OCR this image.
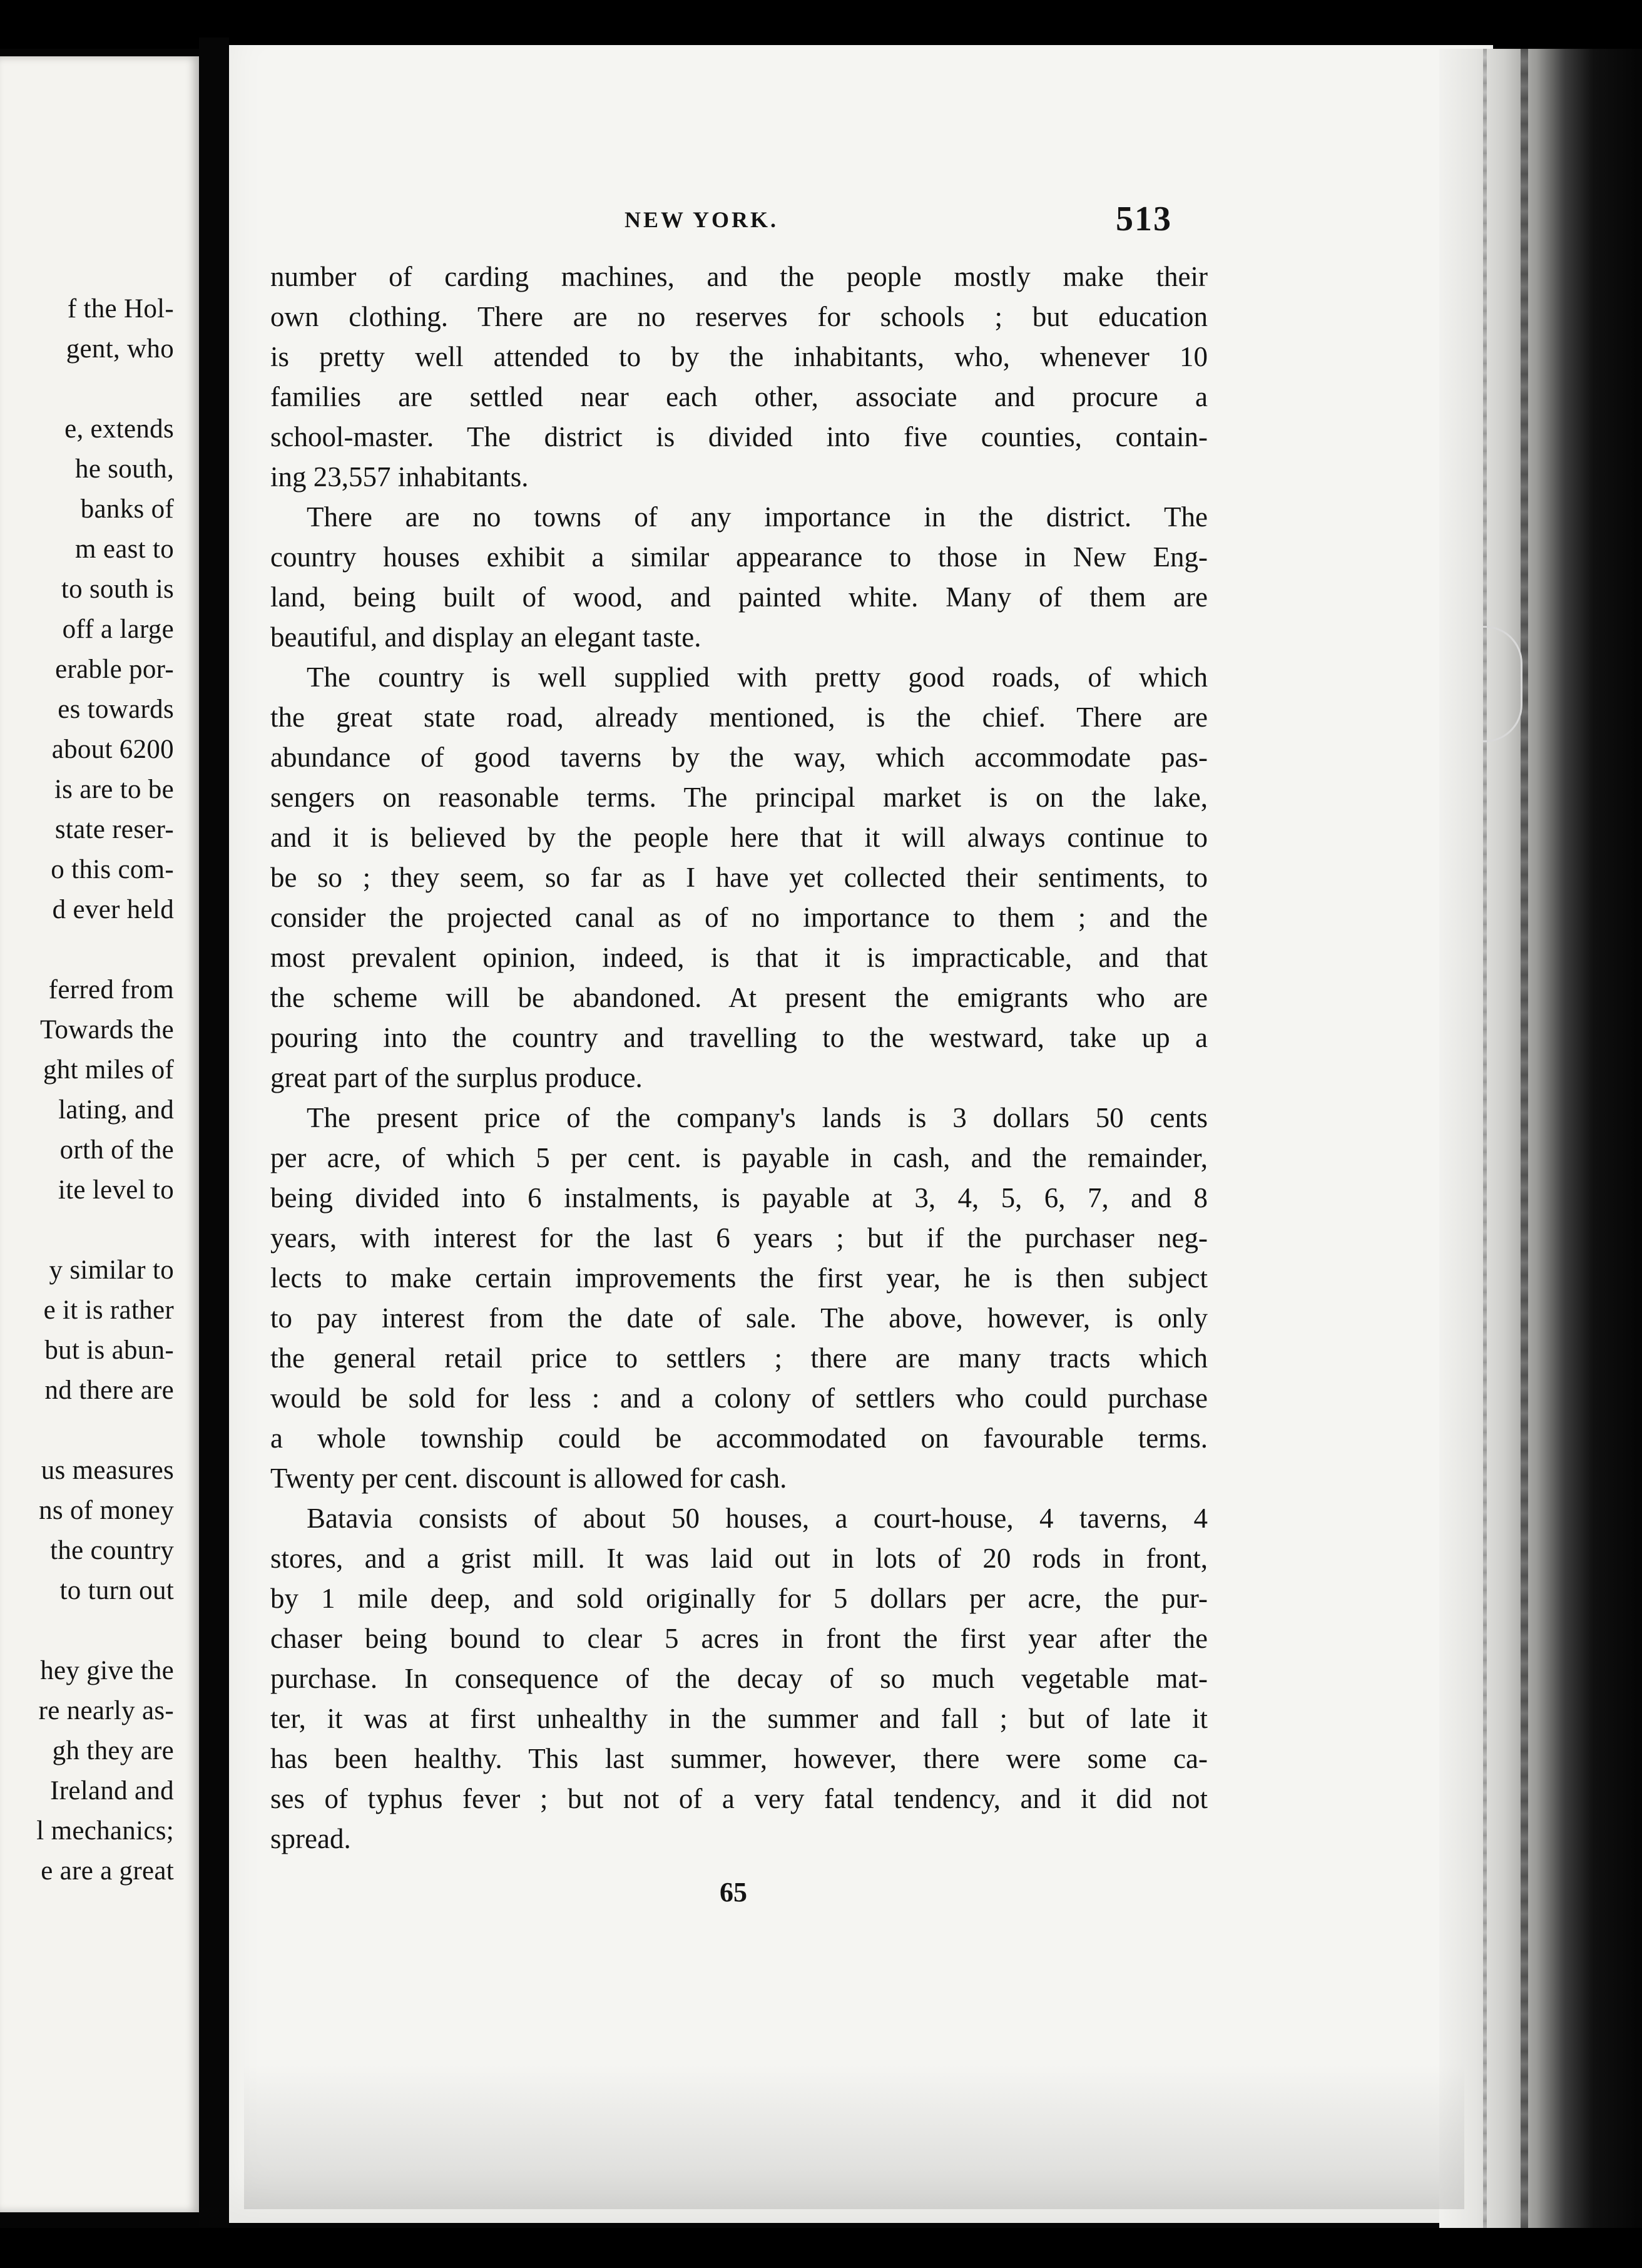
f the Hol-
gent, who
e, extends
he south,
banks of
m east to
to south is
off a large
erable por-
es towards
about 6200
is are to be
state reser-
o this com-
d ever held
ferred from
Towards the
ght miles of
lating, and
orth of the
ite level to
y similar to
e it is rather
but is abun-
nd there are
us measures
ns of money
the country
to turn out
hey give the
re nearly as-
gh they are
Ireland and
l mechanics;
e are a great
NEW YORK.	513
number of carding machines, and the people mostly make their
own clothing. There are no reserves for schools ; but education
is pretty well attended to by the inhabitants, who, whenever 10
families are settled near each other, associate and procure a
school-master. The district is divided into five counties, contain-
ing 23,557 inhabitants.
There are no towns of any importance in the district. The
country houses exhibit a similar appearance to those in New Eng-
land, being built of wood, and painted white. Many of them are
beautiful, and display an elegant taste.
The country is well supplied with pretty good roads, of which
the great state road, already mentioned, is the chief. There are
abundance of good taverns by the way, which accommodate pas-
sengers on reasonable terms. The principal market is on the lake,
and it is believed by the people here that it will always continue to
be so ; they seem, so far as I have yet collected their sentiments, to
consider the projected canal as of no importance to them ; and the
most prevalent opinion, indeed, is that it is impracticable, and that
the scheme will be abandoned. At present the emigrants who are
pouring into the country and travelling to the westward, take up a
great part of the surplus produce.
The present price of the company's lands is 3 dollars 50 cents
per acre, of which 5 per cent. is payable in cash, and the remainder,
being divided into 6 instalments, is payable at 3, 4, 5, 6, 7, and 8
years, with interest for the last 6 years ; but if the purchaser neg-
lects to make certain improvements the first year, he is then subject
to pay interest from the date of sale. The above, however, is only
the general retail price to settlers ; there are many tracts which
would be sold for less : and a colony of settlers who could purchase
a whole township could be accommodated on favourable terms.
Twenty per cent. discount is allowed for cash.
Batavia consists of about 50 houses, a court-house, 4 taverns, 4
stores, and a grist mill. It was laid out in lots of 20 rods in front,
by 1 mile deep, and sold originally for 5 dollars per acre, the pur-
chaser being bound to clear 5 acres in front the first year after the
purchase. In consequence of the decay of so much vegetable mat-
ter, it was at first unhealthy in the summer and fall ; but of late it
has been healthy. This last summer, however, there were some ca-
ses of typhus fever ; but not of a very fatal tendency, and it did not
spread.
65
